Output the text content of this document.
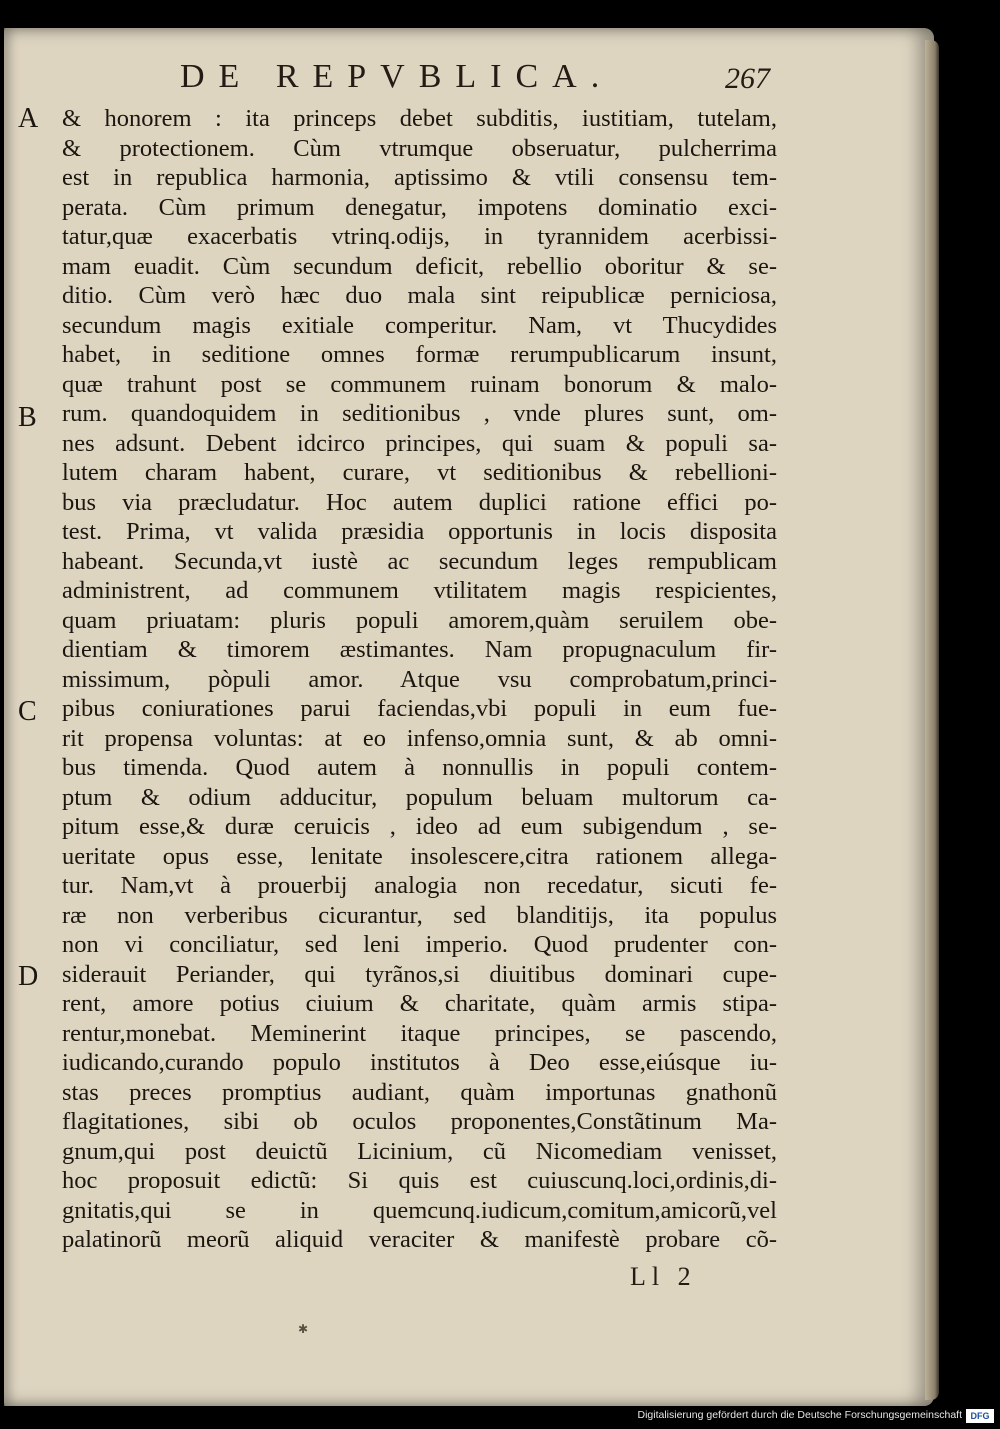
DE REPVBLICA.	267
A
B
C
D
& honorem : ita princeps debet subditis, iustitiam, tutelam,
& protectionem. Cùm vtrumque obseruatur, pulcherrima
est in republica harmonia, aptissimo & vtili consensu tem-
perata. Cùm primum denegatur, impotens dominatio exci-
tatur,quæ exacerbatis vtrinq.odijs, in tyrannidem acerbissi-
mam euadit. Cùm secundum deficit, rebellio oboritur & se-
ditio. Cùm verò hæc duo mala sint reipublicæ perniciosa,
secundum magis exitiale comperitur. Nam, vt Thucydides
habet, in seditione omnes formæ rerumpublicarum insunt,
quæ trahunt post se communem ruinam bonorum & malo-
rum. quandoquidem in seditionibus , vnde plures sunt, om-
nes adsunt. Debent idcirco principes, qui suam & populi sa-
lutem charam habent, curare, vt seditionibus & rebellioni-
bus via præcludatur. Hoc autem duplici ratione effici po-
test. Prima, vt valida præsidia opportunis in locis disposita
habeant. Secunda,vt iustè ac secundum leges rempublicam
administrent, ad communem vtilitatem magis respicientes,
quam priuatam: pluris populi amorem,quàm seruilem obe-
dientiam & timorem æstimantes. Nam propugnaculum fir-
missimum, pòpuli amor. Atque vsu comprobatum,princi-
pibus coniurationes parui faciendas,vbi populi in eum fue-
rit propensa voluntas: at eo infenso,omnia sunt, & ab omni-
bus timenda. Quod autem à nonnullis in populi contem-
ptum & odium adducitur, populum beluam multorum ca-
pitum esse,& duræ ceruicis , ideo ad eum subigendum , se-
ueritate opus esse, lenitate insolescere,citra rationem allega-
tur. Nam,vt à prouerbij analogia non recedatur, sicuti fe-
ræ non verberibus cicurantur, sed blanditijs, ita populus
non vi conciliatur, sed leni imperio. Quod prudenter con-
siderauit Periander, qui tyrãnos,si diuitibus dominari cupe-
rent, amore potius ciuium & charitate, quàm armis stipa-
rentur,monebat. Meminerint itaque principes, se pascendo,
iudicando,curando populo institutos à Deo esse,eiúsque iu-
stas preces promptius audiant, quàm importunas gnathonũ
flagitationes, sibi ob oculos proponentes,Constãtinum Ma-
gnum,qui post deuictũ Licinium, cũ Nicomediam venisset,
hoc proposuit edictũ: Si quis est cuiuscunq.loci,ordinis,di-
gnitatis,qui se in quemcunq.iudicum,comitum,amicorũ,vel
palatinorũ meorũ aliquid veraciter & manifestè probare cõ-
Ll 2
✱
Digitalisierung gefördert durch die Deutsche Forschungsgemeinschaft DFG
